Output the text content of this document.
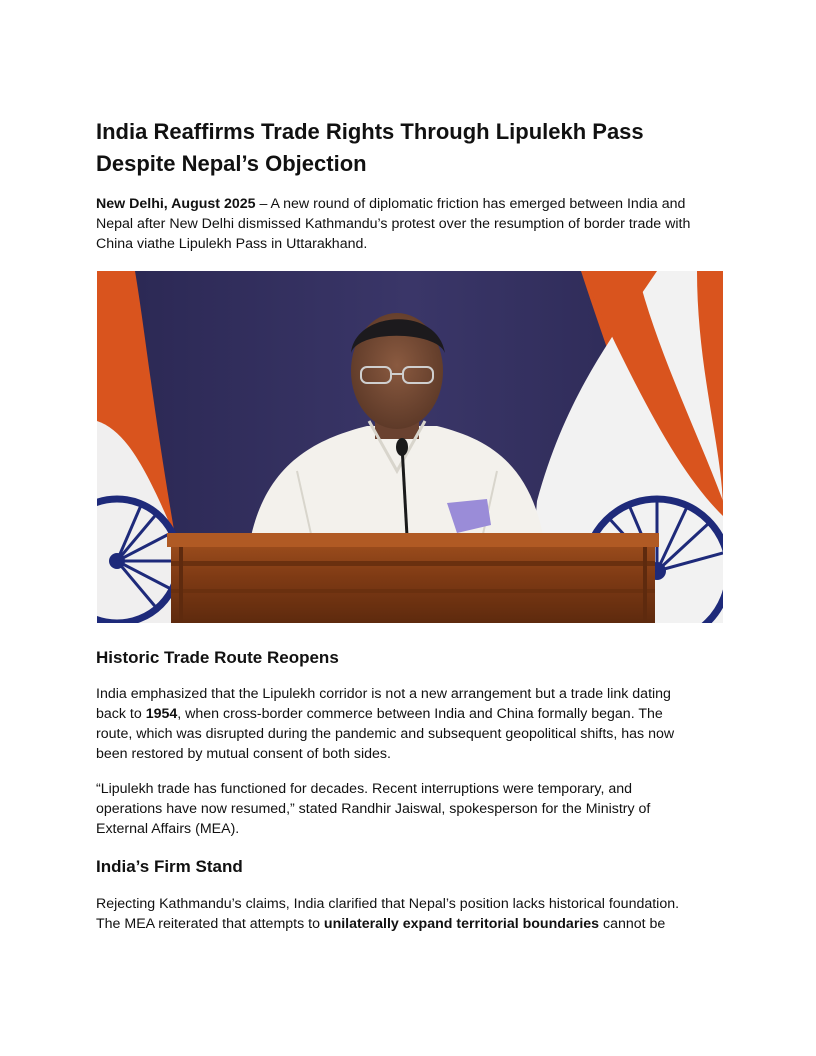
India Reaffirms Trade Rights Through Lipulekh Pass
Despite Nepal’s Objection

New Delhi, August 2025 – A new round of diplomatic friction has emerged between India and
Nepal after New Delhi dismissed Kathmandu’s protest over the resumption of border trade with
China viathe Lipulekh Pass in Uttarakhand.

Historic Trade Route Reopens

India emphasized that the Lipulekh corridor is not a new arrangement but a trade link dating
back to 1954, when cross-border commerce between India and China formally began. The
route, which was disrupted during the pandemic and subsequent geopolitical shifts, has now
been restored by mutual consent of both sides.

“Lipulekh trade has functioned for decades. Recent interruptions were temporary, and
operations have now resumed,” stated Randhir Jaiswal, spokesperson for the Ministry of
External Affairs (MEA).

India’s Firm Stand

Rejecting Kathmandu’s claims, India clarified that Nepal’s position lacks historical foundation.
The MEA reiterated that attempts to unilaterally expand territorial boundaries cannot be
